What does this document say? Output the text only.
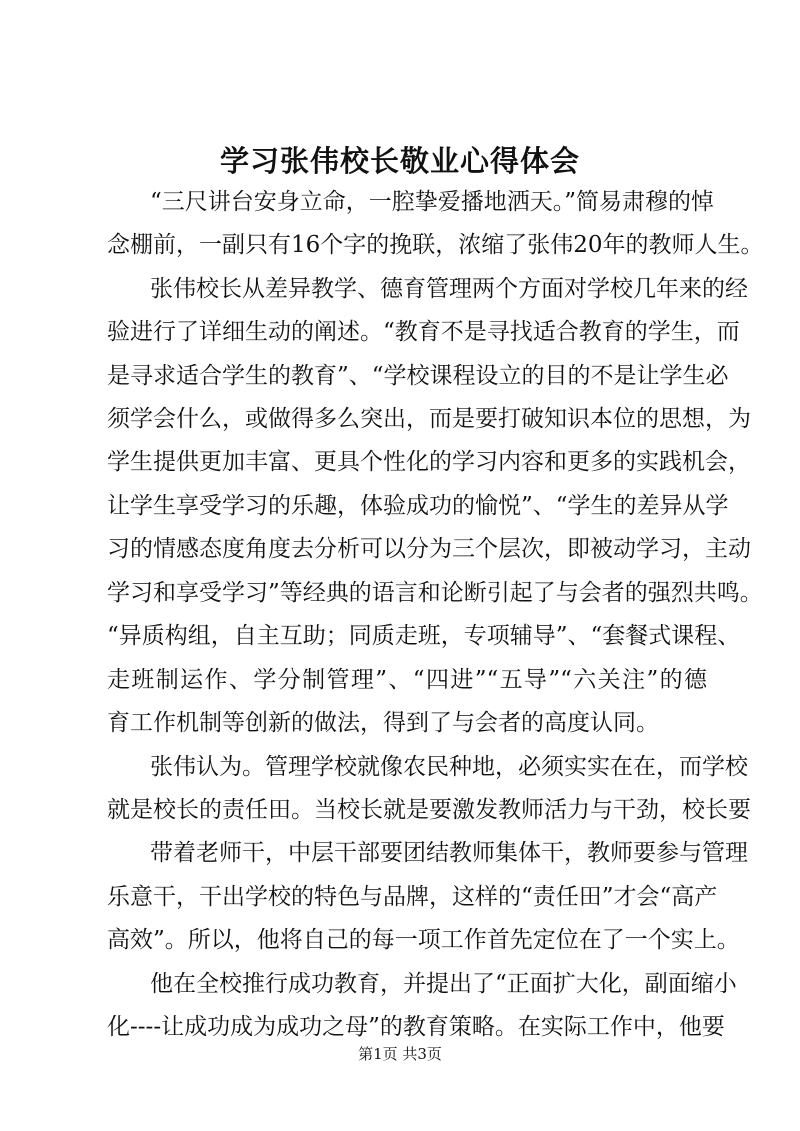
学习张伟校长敬业心得体会
“三尺讲台安身立命，一腔挚爱播地洒天。”简易肃穆的悼
念棚前，一副只有16个字的挽联，浓缩了张伟20年的教师人生。
张伟校长从差异教学、德育管理两个方面对学校几年来的经
验进行了详细生动的阐述。“教育不是寻找适合教育的学生，而
是寻求适合学生的教育”、“学校课程设立的目的不是让学生必
须学会什么，或做得多么突出，而是要打破知识本位的思想，为
学生提供更加丰富、更具个性化的学习内容和更多的实践机会，
让学生享受学习的乐趣，体验成功的愉悦”、“学生的差异从学
习的情感态度角度去分析可以分为三个层次，即被动学习，主动
学习和享受学习”等经典的语言和论断引起了与会者的强烈共鸣。
“异质构组，自主互助；同质走班，专项辅导”、“套餐式课程、
走班制运作、学分制管理”、“四进”“五导”“六关注”的德
育工作机制等创新的做法，得到了与会者的高度认同。
张伟认为。管理学校就像农民种地，必须实实在在，而学校
就是校长的责任田。当校长就是要激发教师活力与干劲，校长要
带着老师干，中层干部要团结教师集体干，教师要参与管理
乐意干，干出学校的特色与品牌，这样的“责任田”才会“高产
高效”。所以，他将自己的每一项工作首先定位在了一个实上。
他在全校推行成功教育，并提出了“正面扩大化，副面缩小
化----让成功成为成功之母”的教育策略。在实际工作中，他要
第1页 共3页
